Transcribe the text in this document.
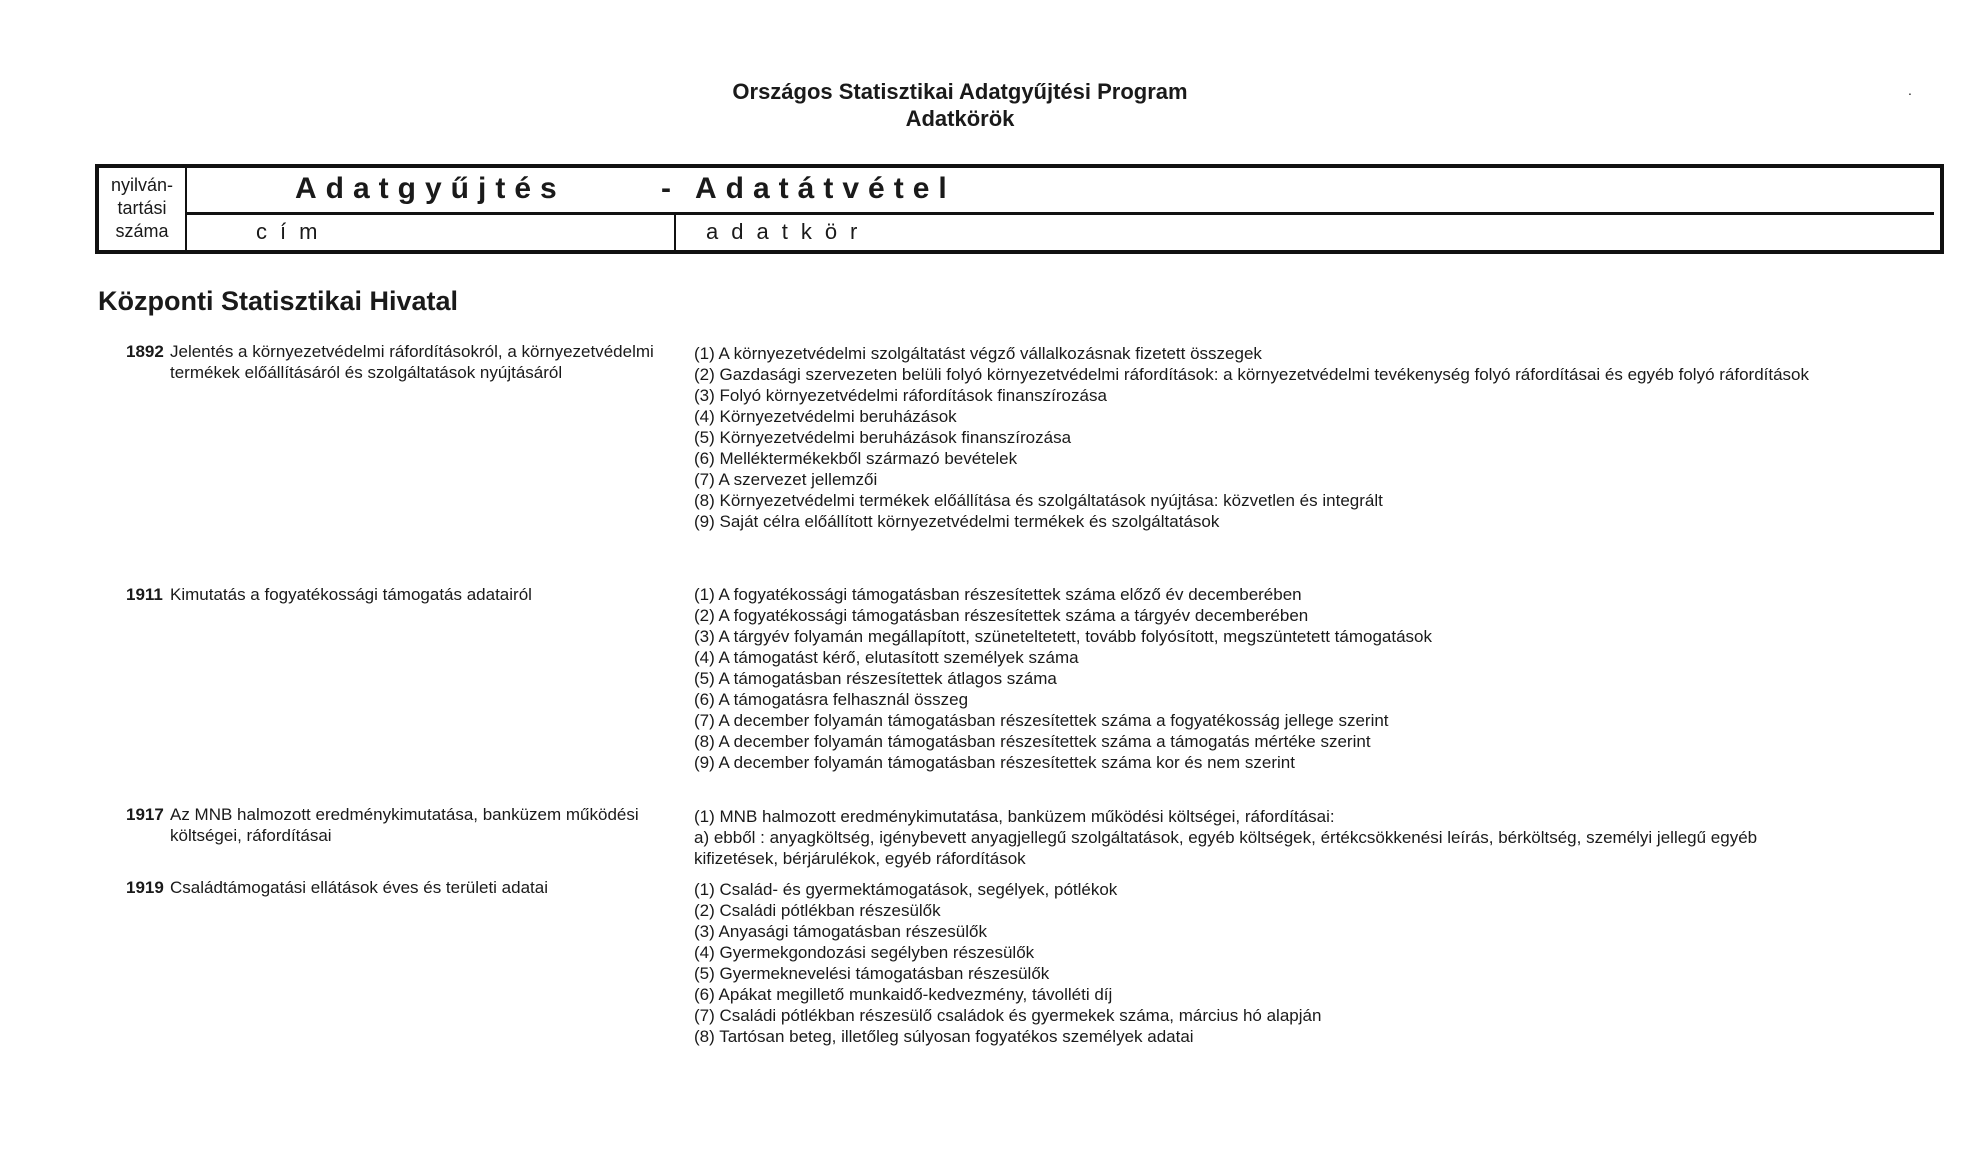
Országos Statisztikai Adatgyűjtési Program
Adatkörök
.
nyilván-
tartási
száma
Adatgyűjtés	- Adatátvétel
cím	adatkör
Központi Statisztikai Hivatal
1892 Jelentés a környezetvédelmi ráfordításokról, a környezetvédelmi termékek előállításáról és szolgáltatások nyújtásáról
(1) A környezetvédelmi szolgáltatást végző vállalkozásnak fizetett összegek
(2) Gazdasági szervezeten belüli folyó környezetvédelmi ráfordítások: a környezetvédelmi tevékenység folyó ráfordításai és egyéb folyó ráfordítások
(3) Folyó környezetvédelmi ráfordítások finanszírozása
(4) Környezetvédelmi beruházások
(5) Környezetvédelmi beruházások finanszírozása
(6) Melléktermékekből származó bevételek
(7) A szervezet jellemzői
(8) Környezetvédelmi termékek előállítása és szolgáltatások nyújtása: közvetlen és integrált
(9) Saját célra előállított környezetvédelmi termékek és szolgáltatások
1911 Kimutatás a fogyatékossági támogatás adatairól	(1) A fogyatékossági támogatásban részesítettek száma előző év decemberében
(2) A fogyatékossági támogatásban részesítettek száma a tárgyév decemberében
(3) A tárgyév folyamán megállapított, szüneteltetett, tovább folyósított, megszüntetett támogatások
(4) A támogatást kérő, elutasított személyek száma
(5) A támogatásban részesítettek átlagos száma
(6) A támogatásra felhasznál összeg
(7) A december folyamán támogatásban részesítettek száma a fogyatékosság jellege szerint
(8) A december folyamán támogatásban részesítettek száma a támogatás mértéke szerint
(9) A december folyamán támogatásban részesítettek száma kor és nem szerint
1917 Az MNB halmozott eredménykimutatása, banküzem működési költségei, ráfordításai
(1) MNB halmozott eredménykimutatása, banküzem működési költségei, ráfordításai:
a) ebből : anyagköltség, igénybevett anyagjellegű szolgáltatások, egyéb költségek, értékcsökkenési leírás, bérköltség, személyi jellegű egyéb kifizetések, bérjárulékok, egyéb ráfordítások
1919 Családtámogatási ellátások éves és területi adatai	(1) Család- és gyermektámogatások, segélyek, pótlékok
(2) Családi pótlékban részesülők
(3) Anyasági támogatásban részesülők
(4) Gyermekgondozási segélyben részesülők
(5) Gyermeknevelési támogatásban részesülők
(6) Apákat megillető munkaidő-kedvezmény, távolléti díj
(7) Családi pótlékban részesülő családok és gyermekek száma, március hó alapján
(8) Tartósan beteg, illetőleg súlyosan fogyatékos személyek adatai
